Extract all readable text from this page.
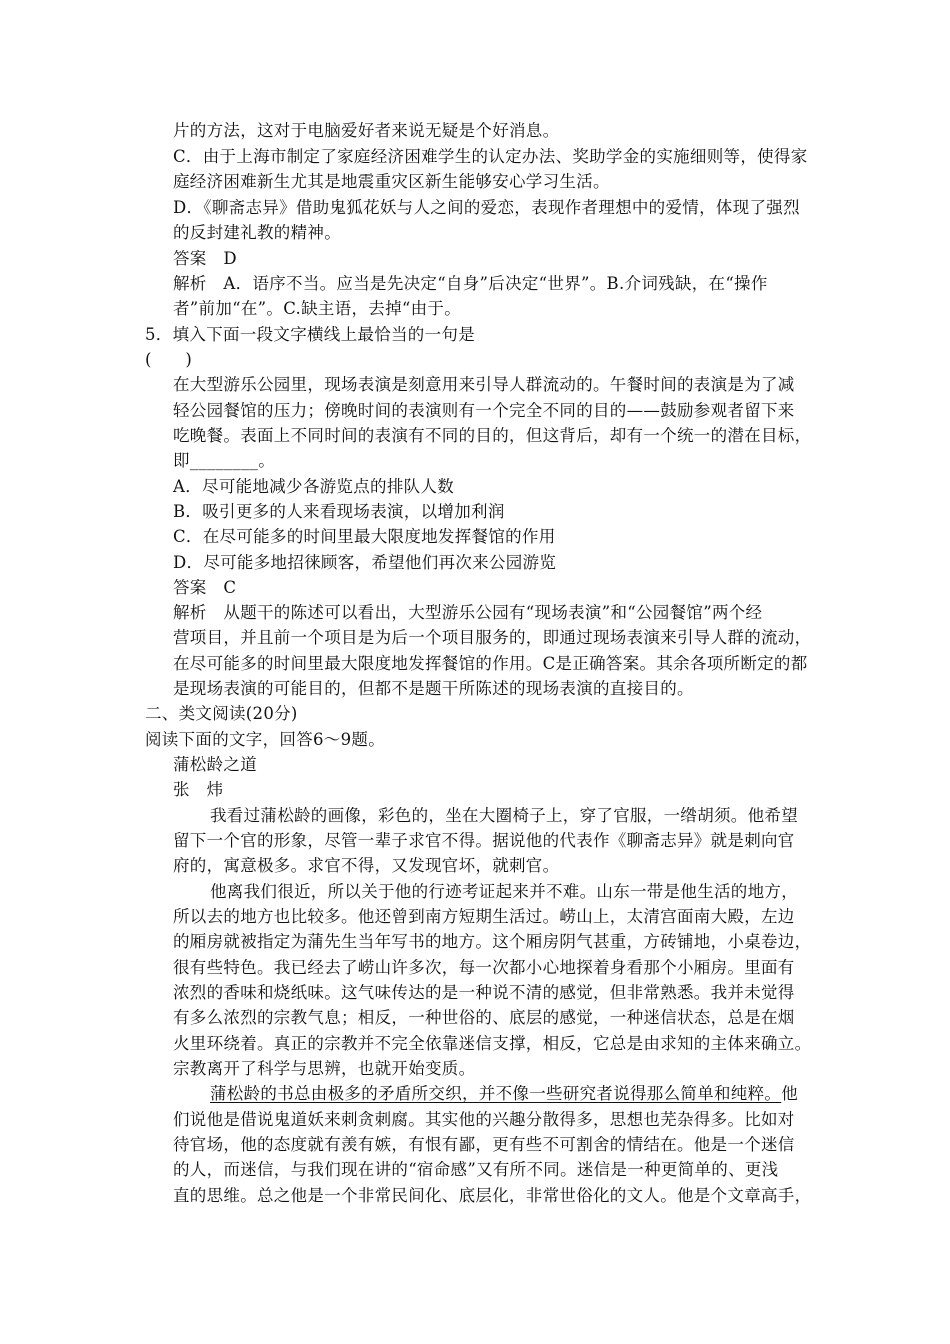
片的方法，这对于电脑爱好者来说无疑是个好消息。
C．由于上海市制定了家庭经济困难学生的认定办法、奖助学金的实施细则等，使得家
庭经济困难新生尤其是地震重灾区新生能够安心学习生活。
D．《聊斋志异》借助鬼狐花妖与人之间的爱恋，表现作者理想中的爱情，体现了强烈
的反封建礼教的精神。
答案　D
解析　A．语序不当。应当是先决定“自身”后决定“世界”。B.介词残缺，在“操作
者”前加“在”。C.缺主语，去掉“由于。
5．填入下面一段文字横线上最恰当的一句是
(　　)
在大型游乐公园里，现场表演是刻意用来引导人群流动的。午餐时间的表演是为了减
轻公园餐馆的压力；傍晚时间的表演则有一个完全不同的目的——鼓励参观者留下来
吃晚餐。表面上不同时间的表演有不同的目的，但这背后，却有一个统一的潜在目标，
即________。
A．尽可能地减少各游览点的排队人数
B．吸引更多的人来看现场表演，以增加利润
C．在尽可能多的时间里最大限度地发挥餐馆的作用
D．尽可能多地招徕顾客，希望他们再次来公园游览
答案　C
解析　从题干的陈述可以看出，大型游乐公园有“现场表演”和“公园餐馆”两个经
营项目，并且前一个项目是为后一个项目服务的，即通过现场表演来引导人群的流动，
在尽可能多的时间里最大限度地发挥餐馆的作用。C是正确答案。其余各项所断定的都
是现场表演的可能目的，但都不是题干所陈述的现场表演的直接目的。
二、类文阅读(20分)
阅读下面的文字，回答6～9题。
蒲松龄之道
张　炜
我看过蒲松龄的画像，彩色的，坐在大圈椅子上，穿了官服，一绺胡须。他希望
留下一个官的形象，尽管一辈子求官不得。据说他的代表作《聊斋志异》就是刺向官
府的，寓意极多。求官不得，又发现官坏，就刺官。
他离我们很近，所以关于他的行迹考证起来并不难。山东一带是他生活的地方，
所以去的地方也比较多。他还曾到南方短期生活过。崂山上，太清宫面南大殿，左边
的厢房就被指定为蒲先生当年写书的地方。这个厢房阴气甚重，方砖铺地，小桌卷边，
很有些特色。我已经去了崂山许多次，每一次都小心地探着身看那个小厢房。里面有
浓烈的香味和烧纸味。这气味传达的是一种说不清的感觉，但非常熟悉。我并未觉得
有多么浓烈的宗教气息；相反，一种世俗的、底层的感觉，一种迷信状态，总是在烟
火里环绕着。真正的宗教并不完全依靠迷信支撑，相反，它总是由求知的主体来确立。
宗教离开了科学与思辨，也就开始变质。
蒲松龄的书总由极多的矛盾所交织，并不像一些研究者说得那么简单和纯粹。他
们说他是借说鬼道妖来刺贪刺腐。其实他的兴趣分散得多，思想也芜杂得多。比如对
待官场，他的态度就有羡有嫉，有恨有鄙，更有些不可割舍的情结在。他是一个迷信
的人，而迷信，与我们现在讲的“宿命感”又有所不同。迷信是一种更简单的、更浅
直的思维。总之他是一个非常民间化、底层化，非常世俗化的文人。他是个文章高手，
